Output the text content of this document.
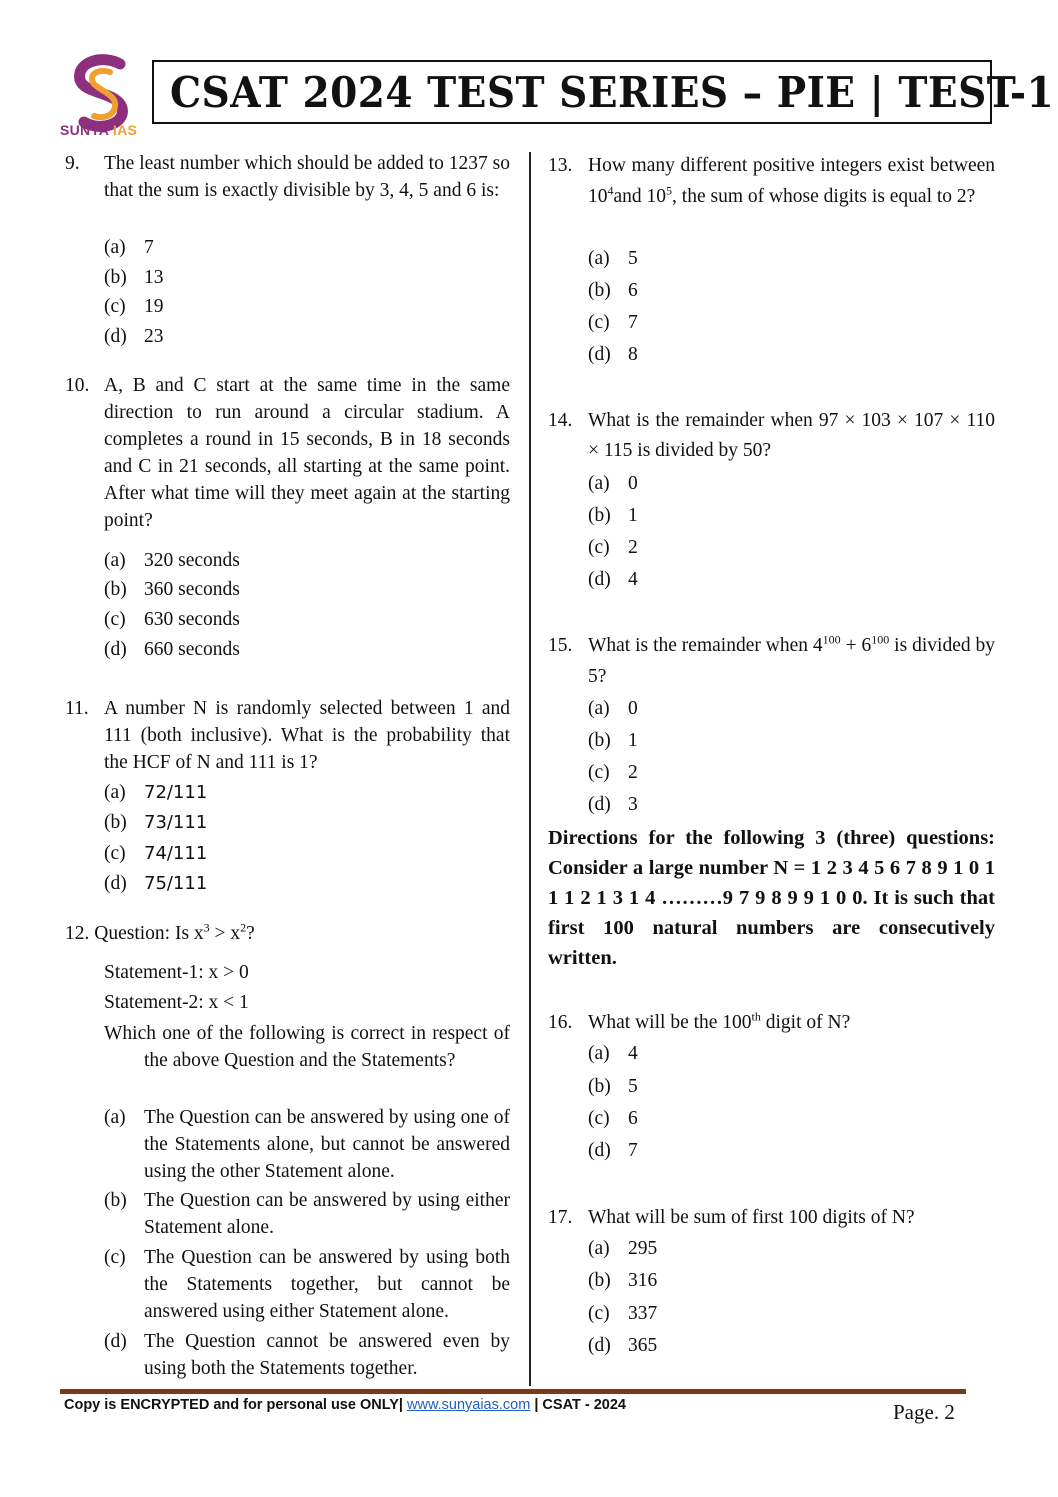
SUNYA IAS
CSAT 2024 TEST SERIES – PIE | TEST-1
9. The least number which should be added to 1237 so that the sum is exactly divisible by 3, 4, 5 and 6 is:
(a) 7
(b) 13
(c) 19
(d) 23
10. A, B and C start at the same time in the same direction to run around a circular stadium. A completes a round in 15 seconds, B in 18 seconds and C in 21 seconds, all starting at the same point. After what time will they meet again at the starting point?
(a) 320 seconds
(b) 360 seconds
(c) 630 seconds
(d) 660 seconds
11. A number N is randomly selected between 1 and 111 (both inclusive). What is the probability that the HCF of N and 111 is 1?
(a) 72/111
(b) 73/111
(c) 74/111
(d) 75/111
12. Question: Is $x^3 > x^2$?
Statement-1: x > 0
Statement-2: x < 1
Which one of the following is correct in respect of the above Question and the Statements?
(a) The Question can be answered by using one of the Statements alone, but cannot be answered using the other Statement alone.
(b) The Question can be answered by using either Statement alone.
(c) The Question can be answered by using both the Statements together, but cannot be answered using either Statement alone.
(d) The Question cannot be answered even by using both the Statements together.
13. How many different positive integers exist between $10^4and$ $10^5$, the sum of whose digits is equal to 2?
(a) 5
(b) 6
(c) 7
(d) 8
14. What is the remainder when 97 × 103 × 107 × 110 × 115 is divided by 50?
(a) 0
(b) 1
(c) 2
(d) 4
15. What is the remainder when $4^{100} + 6^{100}$ is divided by 5?
(a) 0
(b) 1
(c) 2
(d) 3
16. What will be the 100th digit of N?
(a) 4
(b) 5
(c) 6
(d) 7
17. What will be sum of first 100 digits of N?
(a) 295
(b) 316
(c) 337
(d) 365
Directions for the following 3 (three) questions: Consider a large number N = 1 2 3 4 5 6 7 8 9 1 0 1 1 1 2 1 3 1 4 ………9 7 9 8 9 9 1 0 0. It is such that first 100 natural numbers are consecutively written.
Copy is ENCRYPTED and for personal use ONLY| www.sunyaias.com | CSAT - 2024	Page. 2
